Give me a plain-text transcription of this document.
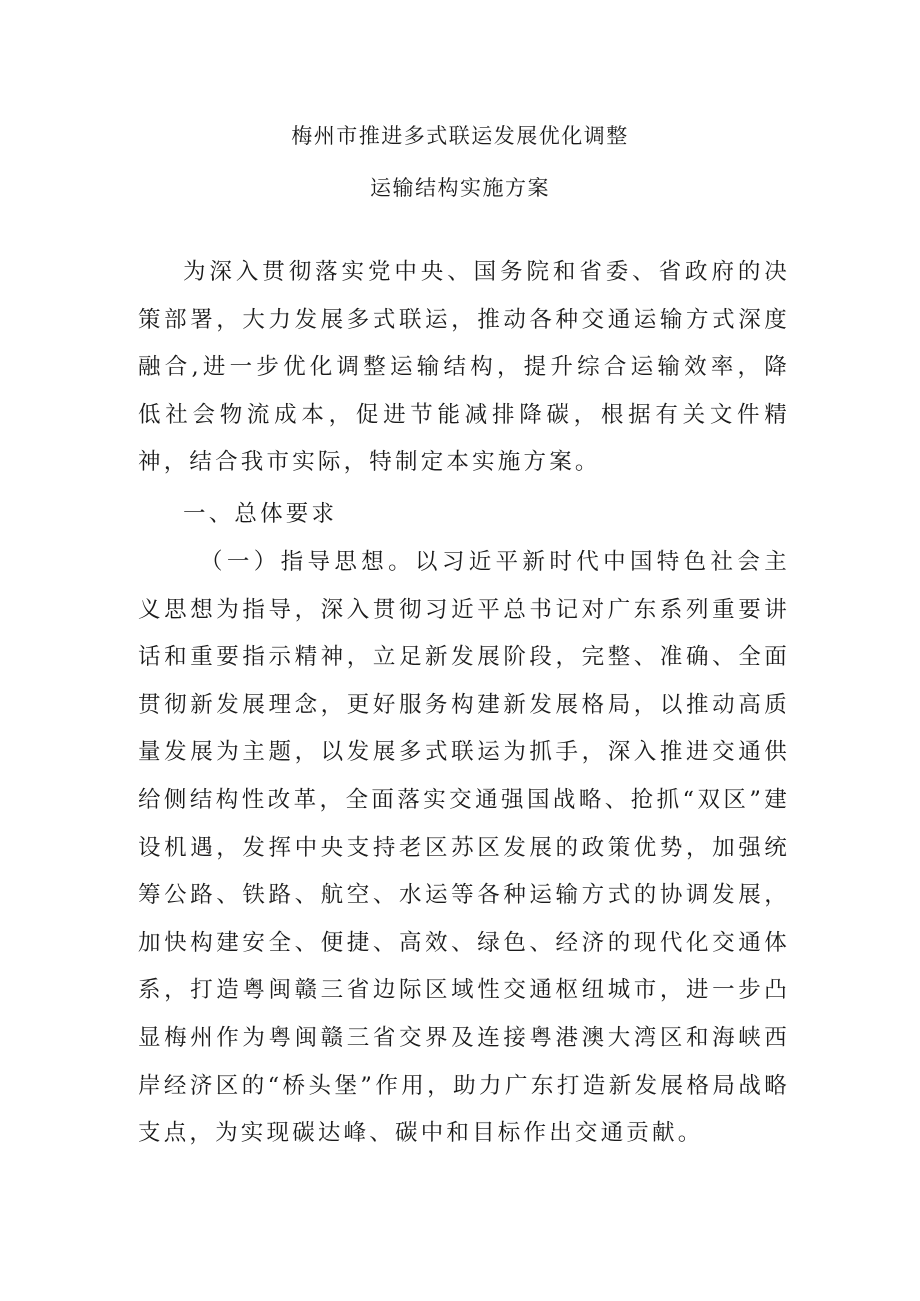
梅州市推进多式联运发展优化调整
运输结构实施方案

为深入贯彻落实党中央、国务院和省委、省政府的决策部署，大力发展多式联运，推动各种交通运输方式深度融合,进一步优化调整运输结构，提升综合运输效率，降低社会物流成本，促进节能减排降碳，根据有关文件精神，结合我市实际，特制定本实施方案。

一、总体要求

（一）指导思想。以习近平新时代中国特色社会主义思想为指导，深入贯彻习近平总书记对广东系列重要讲话和重要指示精神，立足新发展阶段，完整、准确、全面贯彻新发展理念，更好服务构建新发展格局，以推动高质量发展为主题，以发展多式联运为抓手，深入推进交通供给侧结构性改革，全面落实交通强国战略、抢抓“双区”建设机遇，发挥中央支持老区苏区发展的政策优势，加强统筹公路、铁路、航空、水运等各种运输方式的协调发展，加快构建安全、便捷、高效、绿色、经济的现代化交通体系，打造粤闽赣三省边际区域性交通枢纽城市，进一步凸显梅州作为粤闽赣三省交界及连接粤港澳大湾区和海峡西岸经济区的“桥头堡”作用，助力广东打造新发展格局战略支点，为实现碳达峰、碳中和目标作出交通贡献。
